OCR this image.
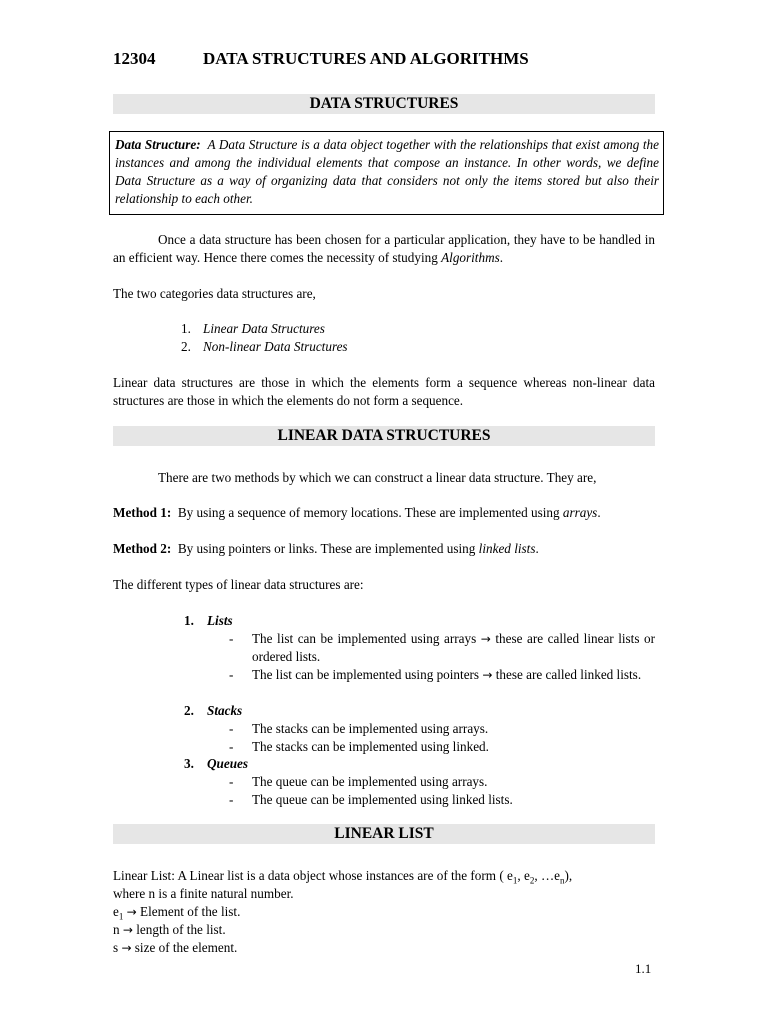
12304	DATA STRUCTURES AND ALGORITHMS
DATA STRUCTURES
Data Structure: A Data Structure is a data object together with the relationships that exist among the instances and among the individual elements that compose an instance. In other words, we define Data Structure as a way of organizing data that considers not only the items stored but also their relationship to each other.
Once a data structure has been chosen for a particular application, they have to be handled in an efficient way. Hence there comes the necessity of studying Algorithms.
The two categories data structures are,
1. Linear Data Structures
2. Non-linear Data Structures
Linear data structures are those in which the elements form a sequence whereas non-linear data structures are those in which the elements do not form a sequence.
LINEAR DATA STRUCTURES
There are two methods by which we can construct a linear data structure. They are,
Method 1: By using a sequence of memory locations. These are implemented using arrays.
Method 2: By using pointers or links. These are implemented using linked lists.
The different types of linear data structures are:
1. Lists
- The list can be implemented using arrays → these are called linear lists or ordered lists.
- The list can be implemented using pointers → these are called linked lists.
2. Stacks
- The stacks can be implemented using arrays.
- The stacks can be implemented using linked.
3. Queues
- The queue can be implemented using arrays.
- The queue can be implemented using linked lists.
LINEAR LIST
Linear List: A Linear list is a data object whose instances are of the form ( $e_1$, $e_2$, $\dots e_n$),
where n is a finite natural number.
$e_1$ → Element of the list.
n → length of the list.
s → size of the element.
1.1
